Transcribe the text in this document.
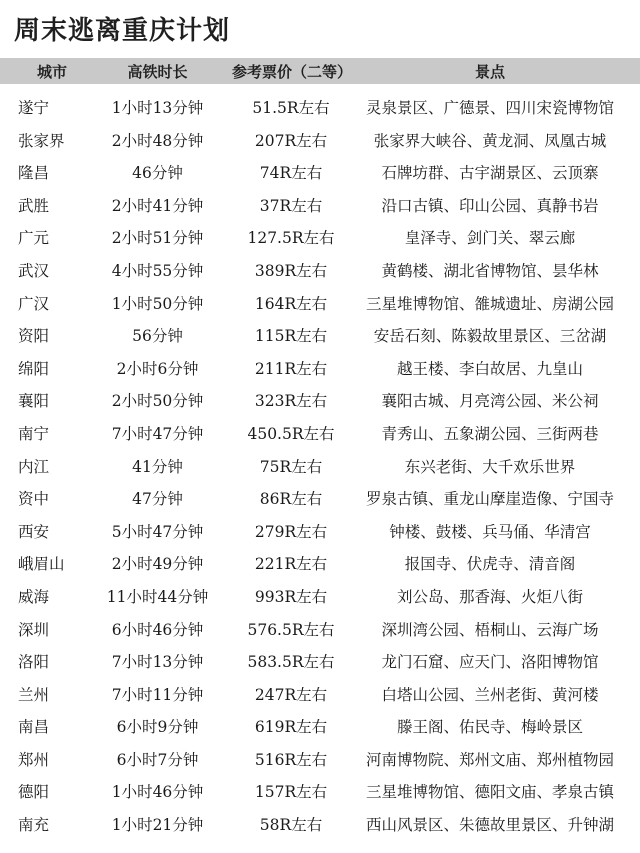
周末逃离重庆计划
城市	高铁时长	参考票价（二等）	景点
遂宁	1小时13分钟	51.5R左右	灵泉景区、广德景、四川宋瓷博物馆
张家界	2小时48分钟	207R左右	张家界大峡谷、黄龙洞、凤凰古城
隆昌	46分钟	74R左右	石牌坊群、古宇湖景区、云顶寨
武胜	2小时41分钟	37R左右	沿口古镇、印山公园、真静书岩
广元	2小时51分钟	127.5R左右	皇泽寺、剑门关、翠云廊
武汉	4小时55分钟	389R左右	黄鹤楼、湖北省博物馆、昙华林
广汉	1小时50分钟	164R左右	三星堆博物馆、雒城遗址、房湖公园
资阳	56分钟	115R左右	安岳石刻、陈毅故里景区、三岔湖
绵阳	2小时6分钟	211R左右	越王楼、李白故居、九皇山
襄阳	2小时50分钟	323R左右	襄阳古城、月亮湾公园、米公祠
南宁	7小时47分钟	450.5R左右	青秀山、五象湖公园、三街两巷
内江	41分钟	75R左右	东兴老街、大千欢乐世界
资中	47分钟	86R左右	罗泉古镇、重龙山摩崖造像、宁国寺
西安	5小时47分钟	279R左右	钟楼、鼓楼、兵马俑、华清宫
峨眉山	2小时49分钟	221R左右	报国寺、伏虎寺、清音阁
威海	11小时44分钟	993R左右	刘公岛、那香海、火炬八街
深圳	6小时46分钟	576.5R左右	深圳湾公园、梧桐山、云海广场
洛阳	7小时13分钟	583.5R左右	龙门石窟、应天门、洛阳博物馆
兰州	7小时11分钟	247R左右	白塔山公园、兰州老街、黄河楼
南昌	6小时9分钟	619R左右	滕王阁、佑民寺、梅岭景区
郑州	6小时7分钟	516R左右	河南博物院、郑州文庙、郑州植物园
德阳	1小时46分钟	157R左右	三星堆博物馆、德阳文庙、孝泉古镇
南充	1小时21分钟	58R左右	西山风景区、朱德故里景区、升钟湖
